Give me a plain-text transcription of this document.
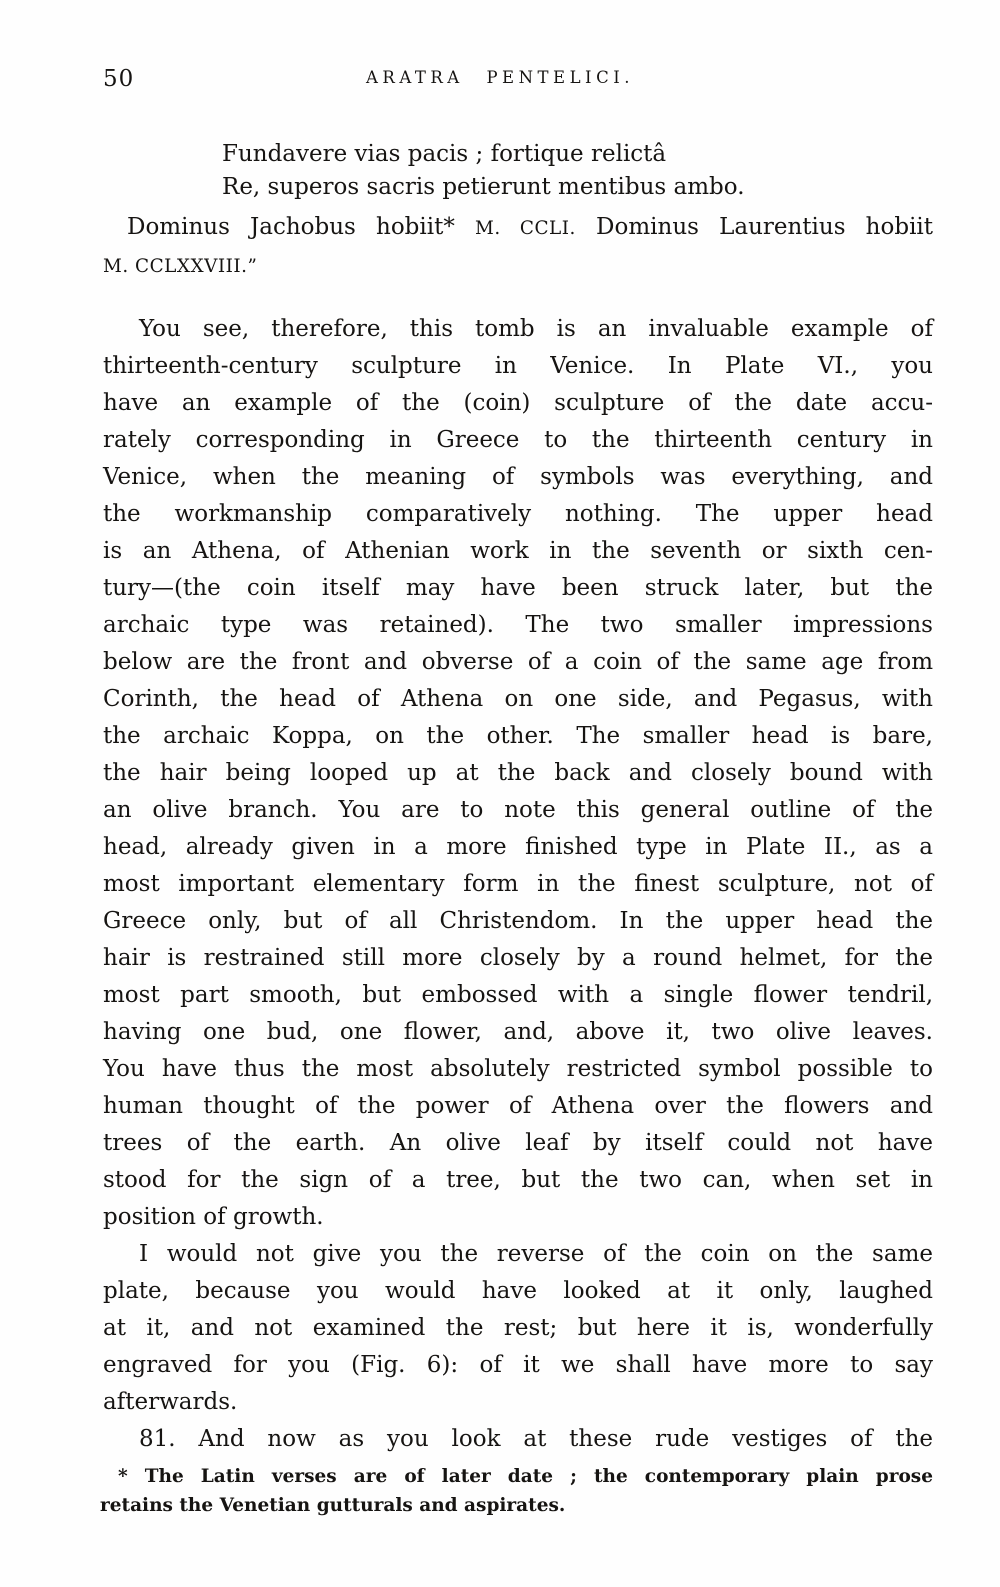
50	ARATRA PENTELICI.
Fundavere vias pacis ; fortique relictâ
Re, superos sacris petierunt mentibus ambo.
Dominus Jachobus hobiit* M. CCLI. Dominus Laurentius hobiit
M. CCLXXVIII.”
You see, therefore, this tomb is an invaluable example of
thirteenth-century sculpture in Venice. In Plate VI., you
have an example of the (coin) sculpture of the date accu-
rately corresponding in Greece to the thirteenth century in
Venice, when the meaning of symbols was everything, and
the workmanship comparatively nothing. The upper head
is an Athena, of Athenian work in the seventh or sixth cen-
tury—(the coin itself may have been struck later, but the
archaic type was retained). The two smaller impressions
below are the front and obverse of a coin of the same age from
Corinth, the head of Athena on one side, and Pegasus, with
the archaic Koppa, on the other. The smaller head is bare,
the hair being looped up at the back and closely bound with
an olive branch. You are to note this general outline of the
head, already given in a more finished type in Plate II., as a
most important elementary form in the finest sculpture, not of
Greece only, but of all Christendom. In the upper head the
hair is restrained still more closely by a round helmet, for the
most part smooth, but embossed with a single flower tendril,
having one bud, one flower, and, above it, two olive leaves.
You have thus the most absolutely restricted symbol possible to
human thought of the power of Athena over the flowers and
trees of the earth. An olive leaf by itself could not have
stood for the sign of a tree, but the two can, when set in
position of growth.
I would not give you the reverse of the coin on the same
plate, because you would have looked at it only, laughed
at it, and not examined the rest; but here it is, wonderfully
engraved for you (Fig. 6): of it we shall have more to say
afterwards.
81. And now as you look at these rude vestiges of the
* The Latin verses are of later date ; the contemporary plain prose
retains the Venetian gutturals and aspirates.
